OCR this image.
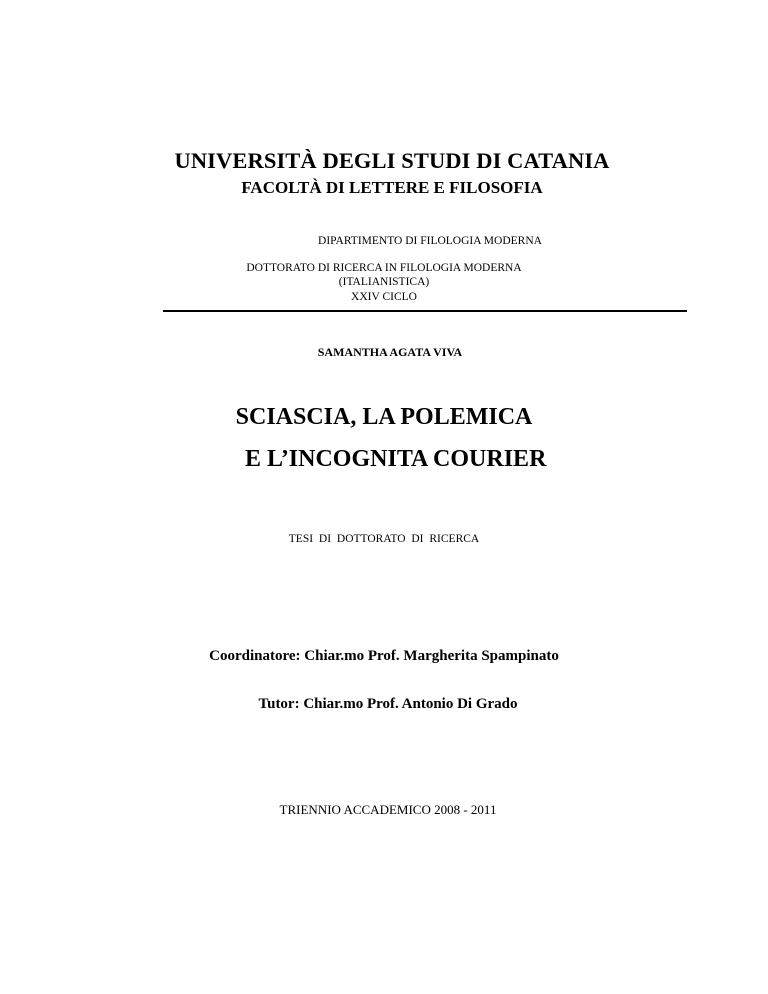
UNIVERSITÀ DEGLI STUDI DI CATANIA
FACOLTÀ DI LETTERE E FILOSOFIA
DIPARTIMENTO DI FILOLOGIA MODERNA
DOTTORATO DI RICERCA IN FILOLOGIA MODERNA
(ITALIANISTICA)
XXIV CICLO
SAMANTHA AGATA VIVA
SCIASCIA, LA POLEMICA
E L’INCOGNITA COURIER
TESI DI DOTTORATO DI RICERCA
Coordinatore: Chiar.mo Prof. Margherita Spampinato
Tutor: Chiar.mo Prof. Antonio Di Grado
TRIENNIO ACCADEMICO 2008 - 2011
